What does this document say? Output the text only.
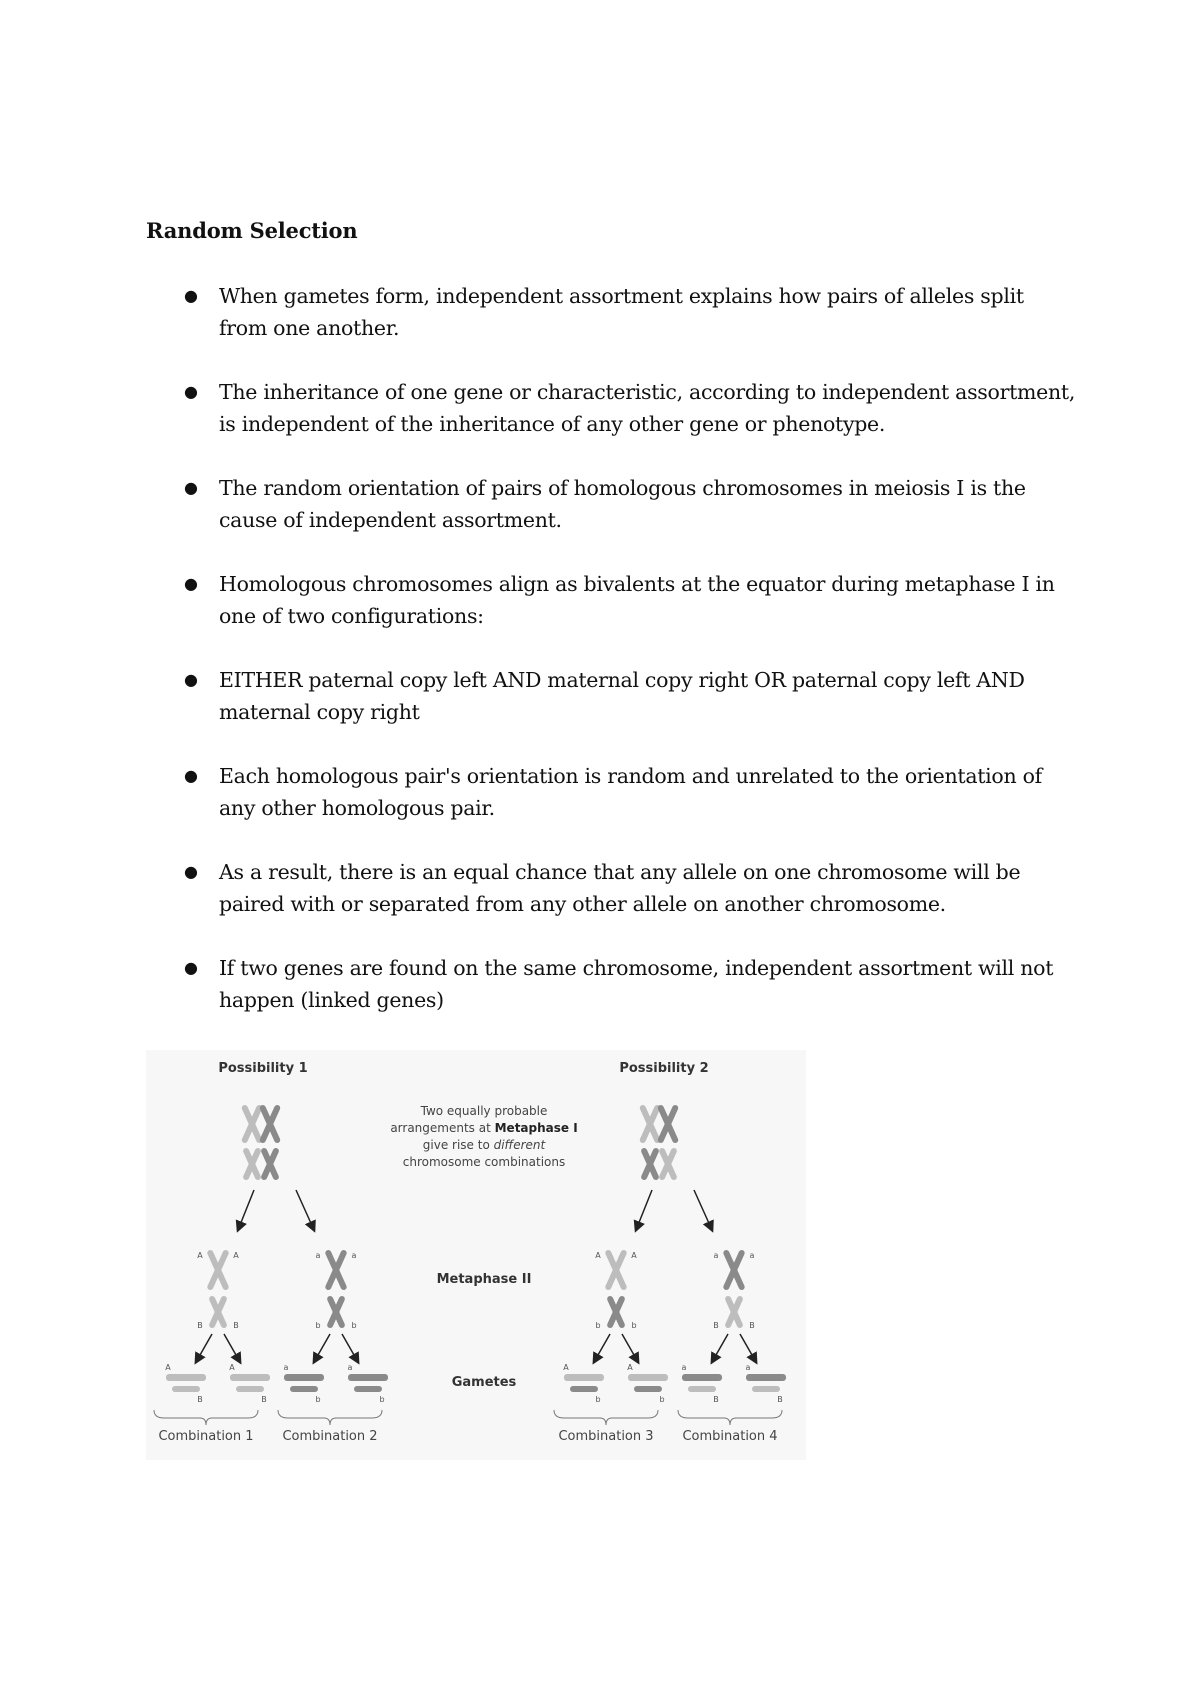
Random Selection
● When gametes form, independent assortment explains how pairs of alleles split from one another.
● The inheritance of one gene or characteristic, according to independent assortment, is independent of the inheritance of any other gene or phenotype.
● The random orientation of pairs of homologous chromosomes in meiosis I is the cause of independent assortment.
● Homologous chromosomes align as bivalents at the equator during metaphase I in one of two configurations:
● EITHER paternal copy left AND maternal copy right OR paternal copy left AND maternal copy right
● Each homologous pair's orientation is random and unrelated to the orientation of any other homologous pair.
● As a result, there is an equal chance that any allele on one chromosome will be paired with or separated from any other allele on another chromosome.
● If two genes are found on the same chromosome, independent assortment will not happen (linked genes)
Possibility 1	Possibility 2
Two equally probable
arrangements at Metaphase I
give rise to different
chromosome combinations
A	A
B	B
a	a
b	b
A	A
b	b
a	a
B	B
Metaphase II
A
B
A
B
a
b
a
b
A
b
A
b
a
B
a
B
Gametes
Combination 1 Combination 2	Combination 3 Combination 4
